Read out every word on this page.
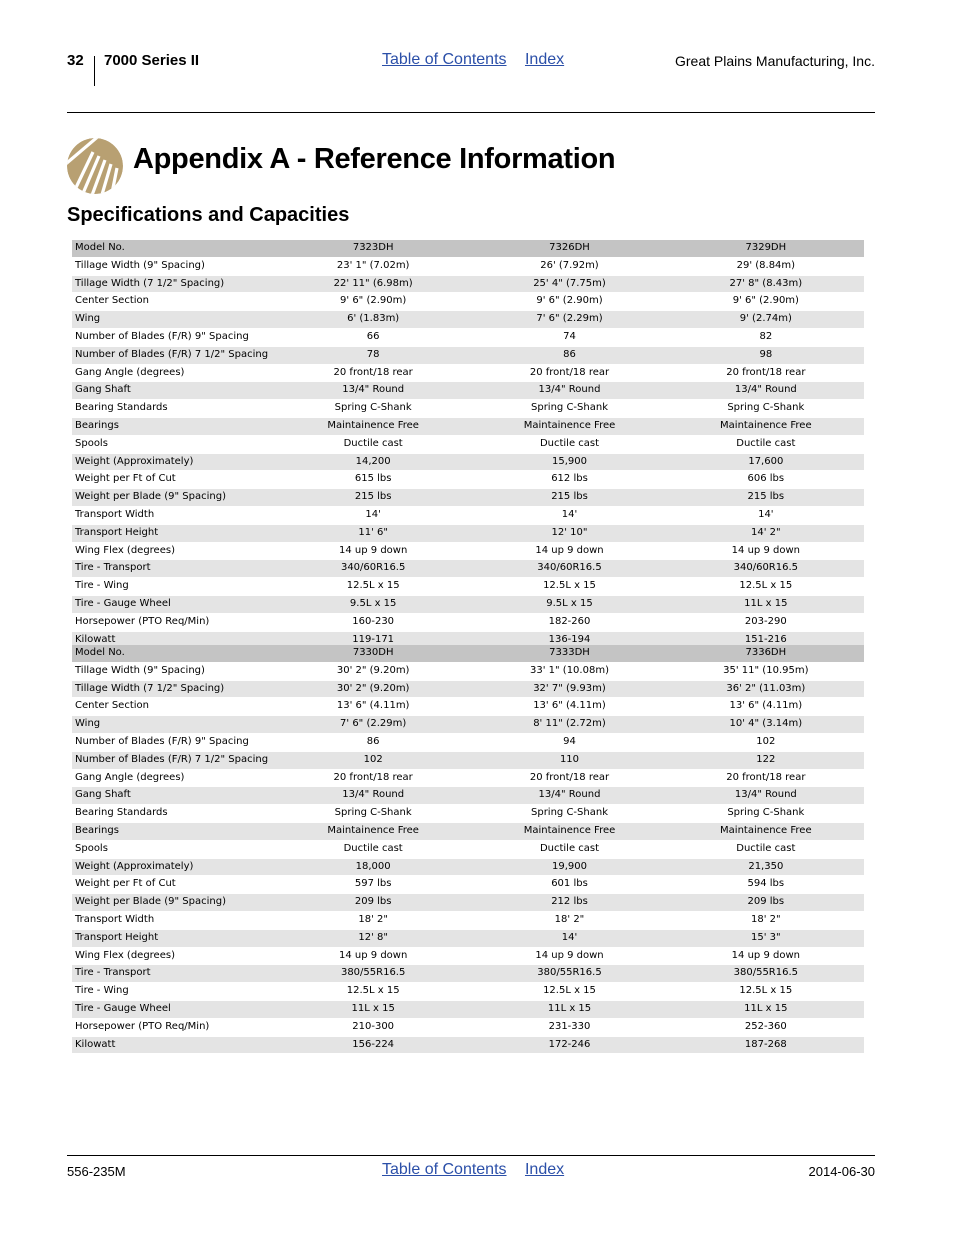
32 7000 Series II	Table of Contents Index	Great Plains Manufacturing, Inc.
Appendix A - Reference Information
Specifications and Capacities
Model No.	7323DH	7326DH	7329DH
Tillage Width (9" Spacing)	23' 1" (7.02m)	26' (7.92m)	29' (8.84m)
Tillage Width (7 1/2" Spacing)	22' 11" (6.98m)	25' 4" (7.75m)	27' 8" (8.43m)
Center Section	9' 6" (2.90m)	9' 6" (2.90m)	9' 6" (2.90m)
Wing	6' (1.83m)	7' 6" (2.29m)	9' (2.74m)
Number of Blades (F/R) 9" Spacing	66	74	82
Number of Blades (F/R) 7 1/2" Spacing	78	86	98
Gang Angle (degrees)	20 front/18 rear	20 front/18 rear	20 front/18 rear
Gang Shaft	13/4" Round	13/4" Round	13/4" Round
Bearing Standards	Spring C-Shank	Spring C-Shank	Spring C-Shank
Bearings	Maintainence Free	Maintainence Free	Maintainence Free
Spools	Ductile cast	Ductile cast	Ductile cast
Weight (Approximately)	14,200	15,900	17,600
Weight per Ft of Cut	615 lbs	612 lbs	606 lbs
Weight per Blade (9" Spacing)	215 lbs	215 lbs	215 lbs
Transport Width	14'	14'	14'
Transport Height	11' 6"	12' 10"	14' 2"
Wing Flex (degrees)	14 up 9 down	14 up 9 down	14 up 9 down
Tire - Transport	340/60R16.5	340/60R16.5	340/60R16.5
Tire - Wing	12.5L x 15	12.5L x 15	12.5L x 15
Tire - Gauge Wheel	9.5L x 15	9.5L x 15	11L x 15
Horsepower (PTO Req/Min)	160-230	182-260	203-290
Kilowatt	119-171	136-194	151-216
Model No.	7330DH	7333DH	7336DH
Tillage Width (9" Spacing)	30' 2" (9.20m)	33' 1" (10.08m)	35' 11" (10.95m)
Tillage Width (7 1/2" Spacing)	30' 2" (9.20m)	32' 7" (9.93m)	36' 2" (11.03m)
Center Section	13' 6" (4.11m)	13' 6" (4.11m)	13' 6" (4.11m)
Wing	7' 6" (2.29m)	8' 11" (2.72m)	10' 4" (3.14m)
Number of Blades (F/R) 9" Spacing	86	94	102
Number of Blades (F/R) 7 1/2" Spacing	102	110	122
Gang Angle (degrees)	20 front/18 rear	20 front/18 rear	20 front/18 rear
Gang Shaft	13/4" Round	13/4" Round	13/4" Round
Bearing Standards	Spring C-Shank	Spring C-Shank	Spring C-Shank
Bearings	Maintainence Free	Maintainence Free	Maintainence Free
Spools	Ductile cast	Ductile cast	Ductile cast
Weight (Approximately)	18,000	19,900	21,350
Weight per Ft of Cut	597 lbs	601 lbs	594 lbs
Weight per Blade (9" Spacing)	209 lbs	212 lbs	209 lbs
Transport Width	18' 2"	18' 2"	18' 2"
Transport Height	12' 8"	14'	15' 3"
Wing Flex (degrees)	14 up 9 down	14 up 9 down	14 up 9 down
Tire - Transport	380/55R16.5	380/55R16.5	380/55R16.5
Tire - Wing	12.5L x 15	12.5L x 15	12.5L x 15
Tire - Gauge Wheel	11L x 15	11L x 15	11L x 15
Horsepower (PTO Req/Min)	210-300	231-330	252-360
Kilowatt	156-224	172-246	187-268
556-235M	Table of Contents Index	2014-06-30
